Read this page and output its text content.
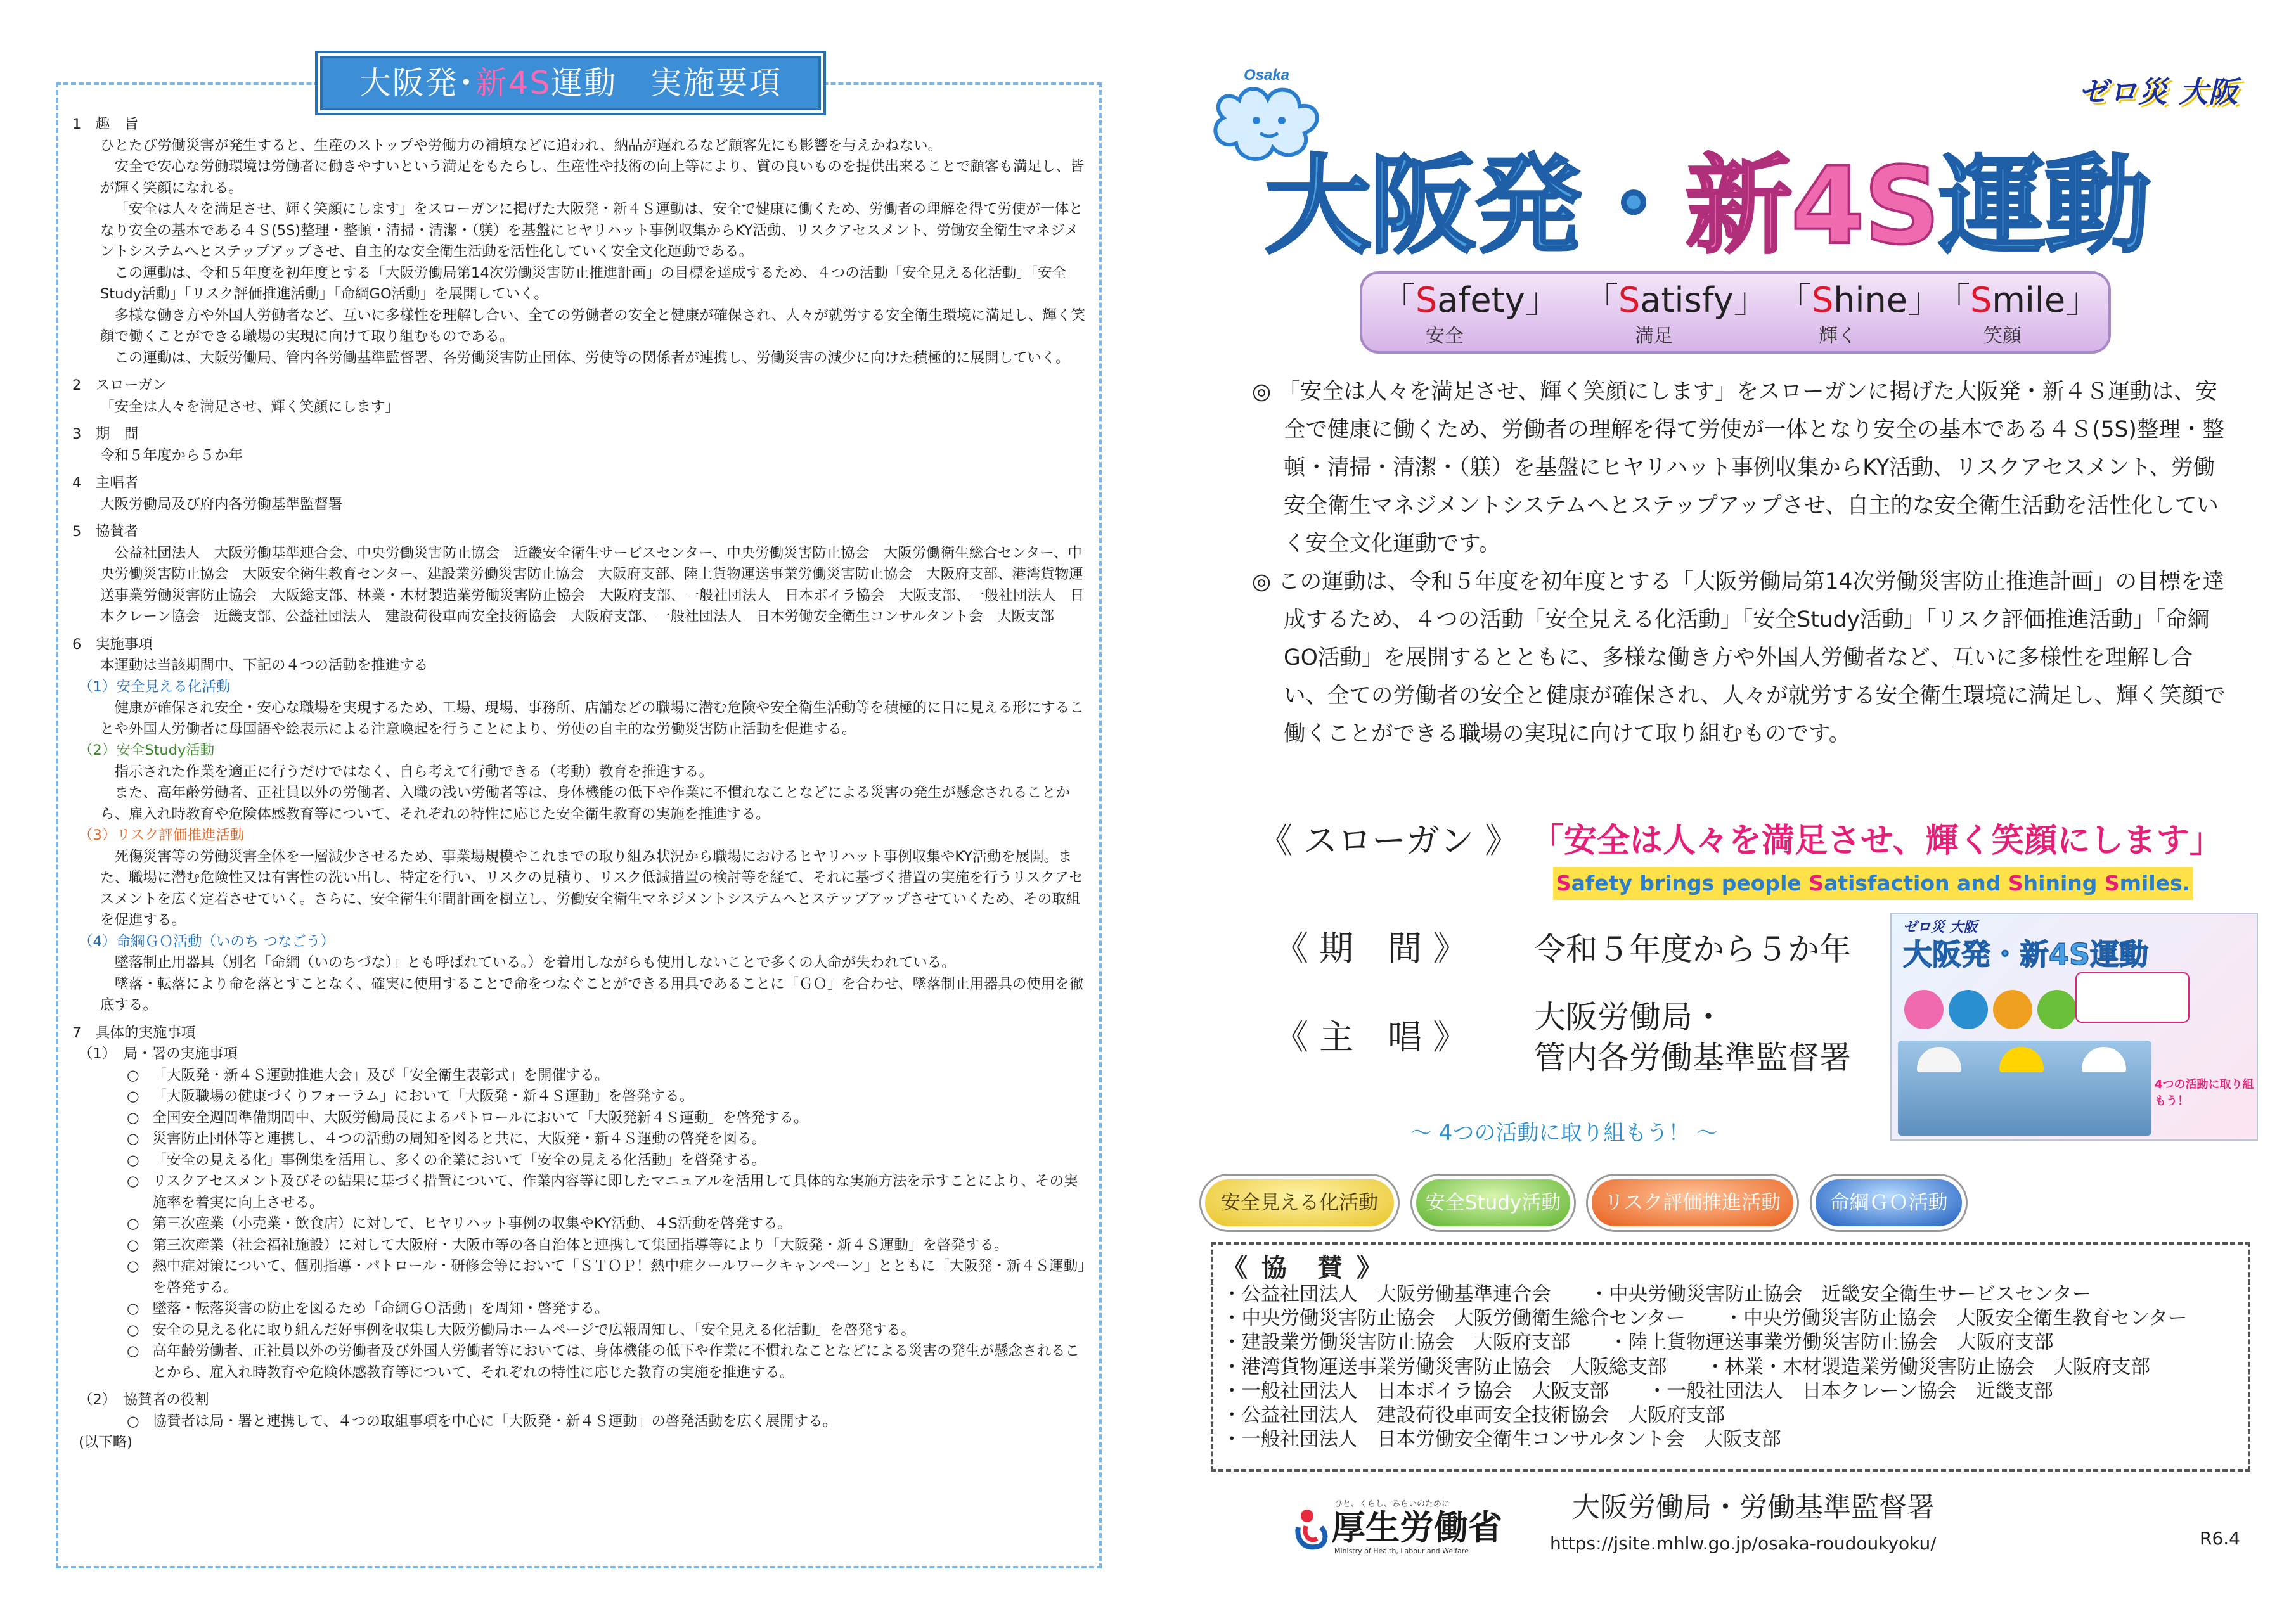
大阪発･新4S運動　実施要項
1　趣　旨
ひとたび労働災害が発生すると、生産のストップや労働力の補填などに追われ、納品が遅れるなど顧客先にも影響を与えかねない。
安全で安心な労働環境は労働者に働きやすいという満足をもたらし、生産性や技術の向上等により、質の良いものを提供出来ることで顧客も満足し、皆が輝く笑顔になれる。
「安全は人々を満足させ、輝く笑顔にします」をスローガンに掲げた大阪発・新４Ｓ運動は、安全で健康に働くため、労働者の理解を得て労使が一体となり安全の基本である４Ｓ(5S)整理・整頓・清掃・清潔・（躾）を基盤にヒヤリハット事例収集からKY活動、リスクアセスメント、労働安全衛生マネジメントシステムへとステップアップさせ、自主的な安全衛生活動を活性化していく安全文化運動である。
この運動は、令和５年度を初年度とする「大阪労働局第14次労働災害防止推進計画」の目標を達成するため、４つの活動「安全見える化活動」「安全Study活動」「リスク評価推進活動」「命綱GO活動」を展開していく。
多様な働き方や外国人労働者など、互いに多様性を理解し合い、全ての労働者の安全と健康が確保され、人々が就労する安全衛生環境に満足し、輝く笑顔で働くことができる職場の実現に向けて取り組むものである。
この運動は、大阪労働局、管内各労働基準監督署、各労働災害防止団体、労使等の関係者が連携し、労働災害の減少に向けた積極的に展開していく。
2　スローガン
「安全は人々を満足させ、輝く笑顔にします」
3　期　間
令和５年度から５か年
4　主唱者
大阪労働局及び府内各労働基準監督署
5　協賛者
公益社団法人　大阪労働基準連合会、中央労働災害防止協会　近畿安全衛生サービスセンター、中央労働災害防止協会　大阪労働衛生総合センター、中央労働災害防止協会　大阪安全衛生教育センター、建設業労働災害防止協会　大阪府支部、陸上貨物運送事業労働災害防止協会　大阪府支部、港湾貨物運送事業労働災害防止協会　大阪総支部、林業・木材製造業労働災害防止協会　大阪府支部、一般社団法人　日本ボイラ協会　大阪支部、一般社団法人　日本クレーン協会　近畿支部、公益社団法人　建設荷役車両安全技術協会　大阪府支部、一般社団法人　日本労働安全衛生コンサルタント会　大阪支部
6　実施事項
本運動は当該期間中、下記の４つの活動を推進する
（1）安全見える化活動
健康が確保され安全・安心な職場を実現するため、工場、現場、事務所、店舗などの職場に潜む危険や安全衛生活動等を積極的に目に見える形にすることや外国人労働者に母国語や絵表示による注意喚起を行うことにより、労使の自主的な労働災害防止活動を促進する。
（2）安全Study活動
指示された作業を適正に行うだけではなく、自ら考えて行動できる（考動）教育を推進する。
また、高年齢労働者、正社員以外の労働者、入職の浅い労働者等は、身体機能の低下や作業に不慣れなことなどによる災害の発生が懸念されることから、雇入れ時教育や危険体感教育等について、それぞれの特性に応じた安全衛生教育の実施を推進する。
（3）リスク評価推進活動
死傷災害等の労働災害全体を一層減少させるため、事業場規模やこれまでの取り組み状況から職場におけるヒヤリハット事例収集やKY活動を展開。また、職場に潜む危険性又は有害性の洗い出し、特定を行い、リスクの見積り、リスク低減措置の検討等を経て、それに基づく措置の実施を行うリスクアセスメントを広く定着させていく。さらに、安全衛生年間計画を樹立し、労働安全衛生マネジメントシステムへとステップアップさせていくため、その取組を促進する。
（4）命綱ＧＯ活動（いのち つなごう）
墜落制止用器具（別名「命綱（いのちづな）」とも呼ばれている。）を着用しながらも使用しないことで多くの人命が失われている。
墜落・転落により命を落とすことなく、確実に使用することで命をつなぐことができる用具であることに「ＧＯ」を合わせ、墜落制止用器具の使用を徹底する。
7　具体的実施事項
（1）　局・署の実施事項
○ 「大阪発・新４Ｓ運動推進大会」及び「安全衛生表彰式」を開催する。
○ 「大阪職場の健康づくりフォーラム」において「大阪発・新４Ｓ運動」を啓発する。
○ 全国安全週間準備期間中、大阪労働局長によるパトロールにおいて「大阪発新４Ｓ運動」を啓発する。
○ 災害防止団体等と連携し、４つの活動の周知を図ると共に、大阪発・新４Ｓ運動の啓発を図る。
○ 「安全の見える化」事例集を活用し、多くの企業において「安全の見える化活動」を啓発する。
○ リスクアセスメント及びその結果に基づく措置について、作業内容等に即したマニュアルを活用して具体的な実施方法を示すことにより、その実施率を着実に向上させる。
○ 第三次産業（小売業・飲食店）に対して、ヒヤリハット事例の収集やKY活動、４S活動を啓発する。
○ 第三次産業（社会福祉施設）に対して大阪府・大阪市等の各自治体と連携して集団指導等により「大阪発・新４Ｓ運動」を啓発する。
○ 熱中症対策について、個別指導・パトロール・研修会等において「ＳＴＯＰ！熱中症クールワークキャンペーン」とともに「大阪発・新４Ｓ運動」を啓発する。
○ 墜落・転落災害の防止を図るため「命綱ＧＯ活動」を周知・啓発する。
○ 安全の見える化に取り組んだ好事例を収集し大阪労働局ホームページで広報周知し、「安全見える化活動」を啓発する。
○ 高年齢労働者、正社員以外の労働者及び外国人労働者等においては、身体機能の低下や作業に不慣れなことなどによる災害の発生が懸念されることから、雇入れ時教育や危険体感教育等について、それぞれの特性に応じた教育の実施を推進する。
（2）　協賛者の役割
○ 協賛者は局・署と連携して、４つの取組事項を中心に「大阪発・新４Ｓ運動」の啓発活動を広く展開する。
(以下略)
Osaka	ゼロ災 大阪
大阪発・新4S運動
「Safety」 「Satisfy」 「Shine」
「Smile」
安全	満足	輝く	笑顔
◎ 「安全は人々を満足させ、輝く笑顔にします」をスローガンに掲げた大阪発・新４Ｓ運動は、安全で健康に働くため、労働者の理解を得て労使が一体となり安全の基本である４Ｓ(5S)整理・整頓・清掃・清潔・（躾）を基盤にヒヤリハット事例収集からKY活動、リスクアセスメント、労働安全衛生マネジメントシステムへとステップアップさせ、自主的な安全衛生活動を活性化していく安全文化運動です。
◎ この運動は、令和５年度を初年度とする「大阪労働局第14次労働災害防止推進計画」の目標を達成するため、４つの活動「安全見える化活動」「安全Study活動」「リスク評価推進活動」「命綱GO活動」を展開するとともに、多様な働き方や外国人労働者など、互いに多様性を理解し合い、全ての労働者の安全と健康が確保され、人々が就労する安全衛生環境に満足し、輝く笑顔で働くことができる職場の実現に向けて取り組むものです。
《 スローガン 》 「安全は人々を満足させ、輝く笑顔にします」
Safety brings people Satisfaction and Shining Smiles.
《 期　間 》 令和５年度から５か年
《 主　唱 》 大阪労働局・
管内各労働基準監督署
ゼロ災 大阪
大阪発・新4S運動
4つの活動に取り組もう！
～ 4つの活動に取り組もう！ ～
安全見える化活動	安全Study活動	リスク評価推進活動	命綱ＧＯ活動
《 協　賛 》
・公益社団法人　大阪労働基準連合会　　・中央労働災害防止協会　近畿安全衛生サービスセンター
・中央労働災害防止協会　大阪労働衛生総合センター　　・中央労働災害防止協会　大阪安全衛生教育センター
・建設業労働災害防止協会　大阪府支部　　・陸上貨物運送事業労働災害防止協会　大阪府支部
・港湾貨物運送事業労働災害防止協会　大阪総支部　　・林業・木材製造業労働災害防止協会　大阪府支部
・一般社団法人　日本ボイラ協会　大阪支部　　・一般社団法人　日本クレーン協会　近畿支部
・公益社団法人　建設荷役車両安全技術協会　大阪府支部
・一般社団法人　日本労働安全衛生コンサルタント会　大阪支部
ひと、くらし、みらいのために
厚生労働省
Ministry of Health, Labour and Welfare
大阪労働局・労働基準監督署
https://jsite.mhlw.go.jp/osaka-roudoukyoku/	R6.4
